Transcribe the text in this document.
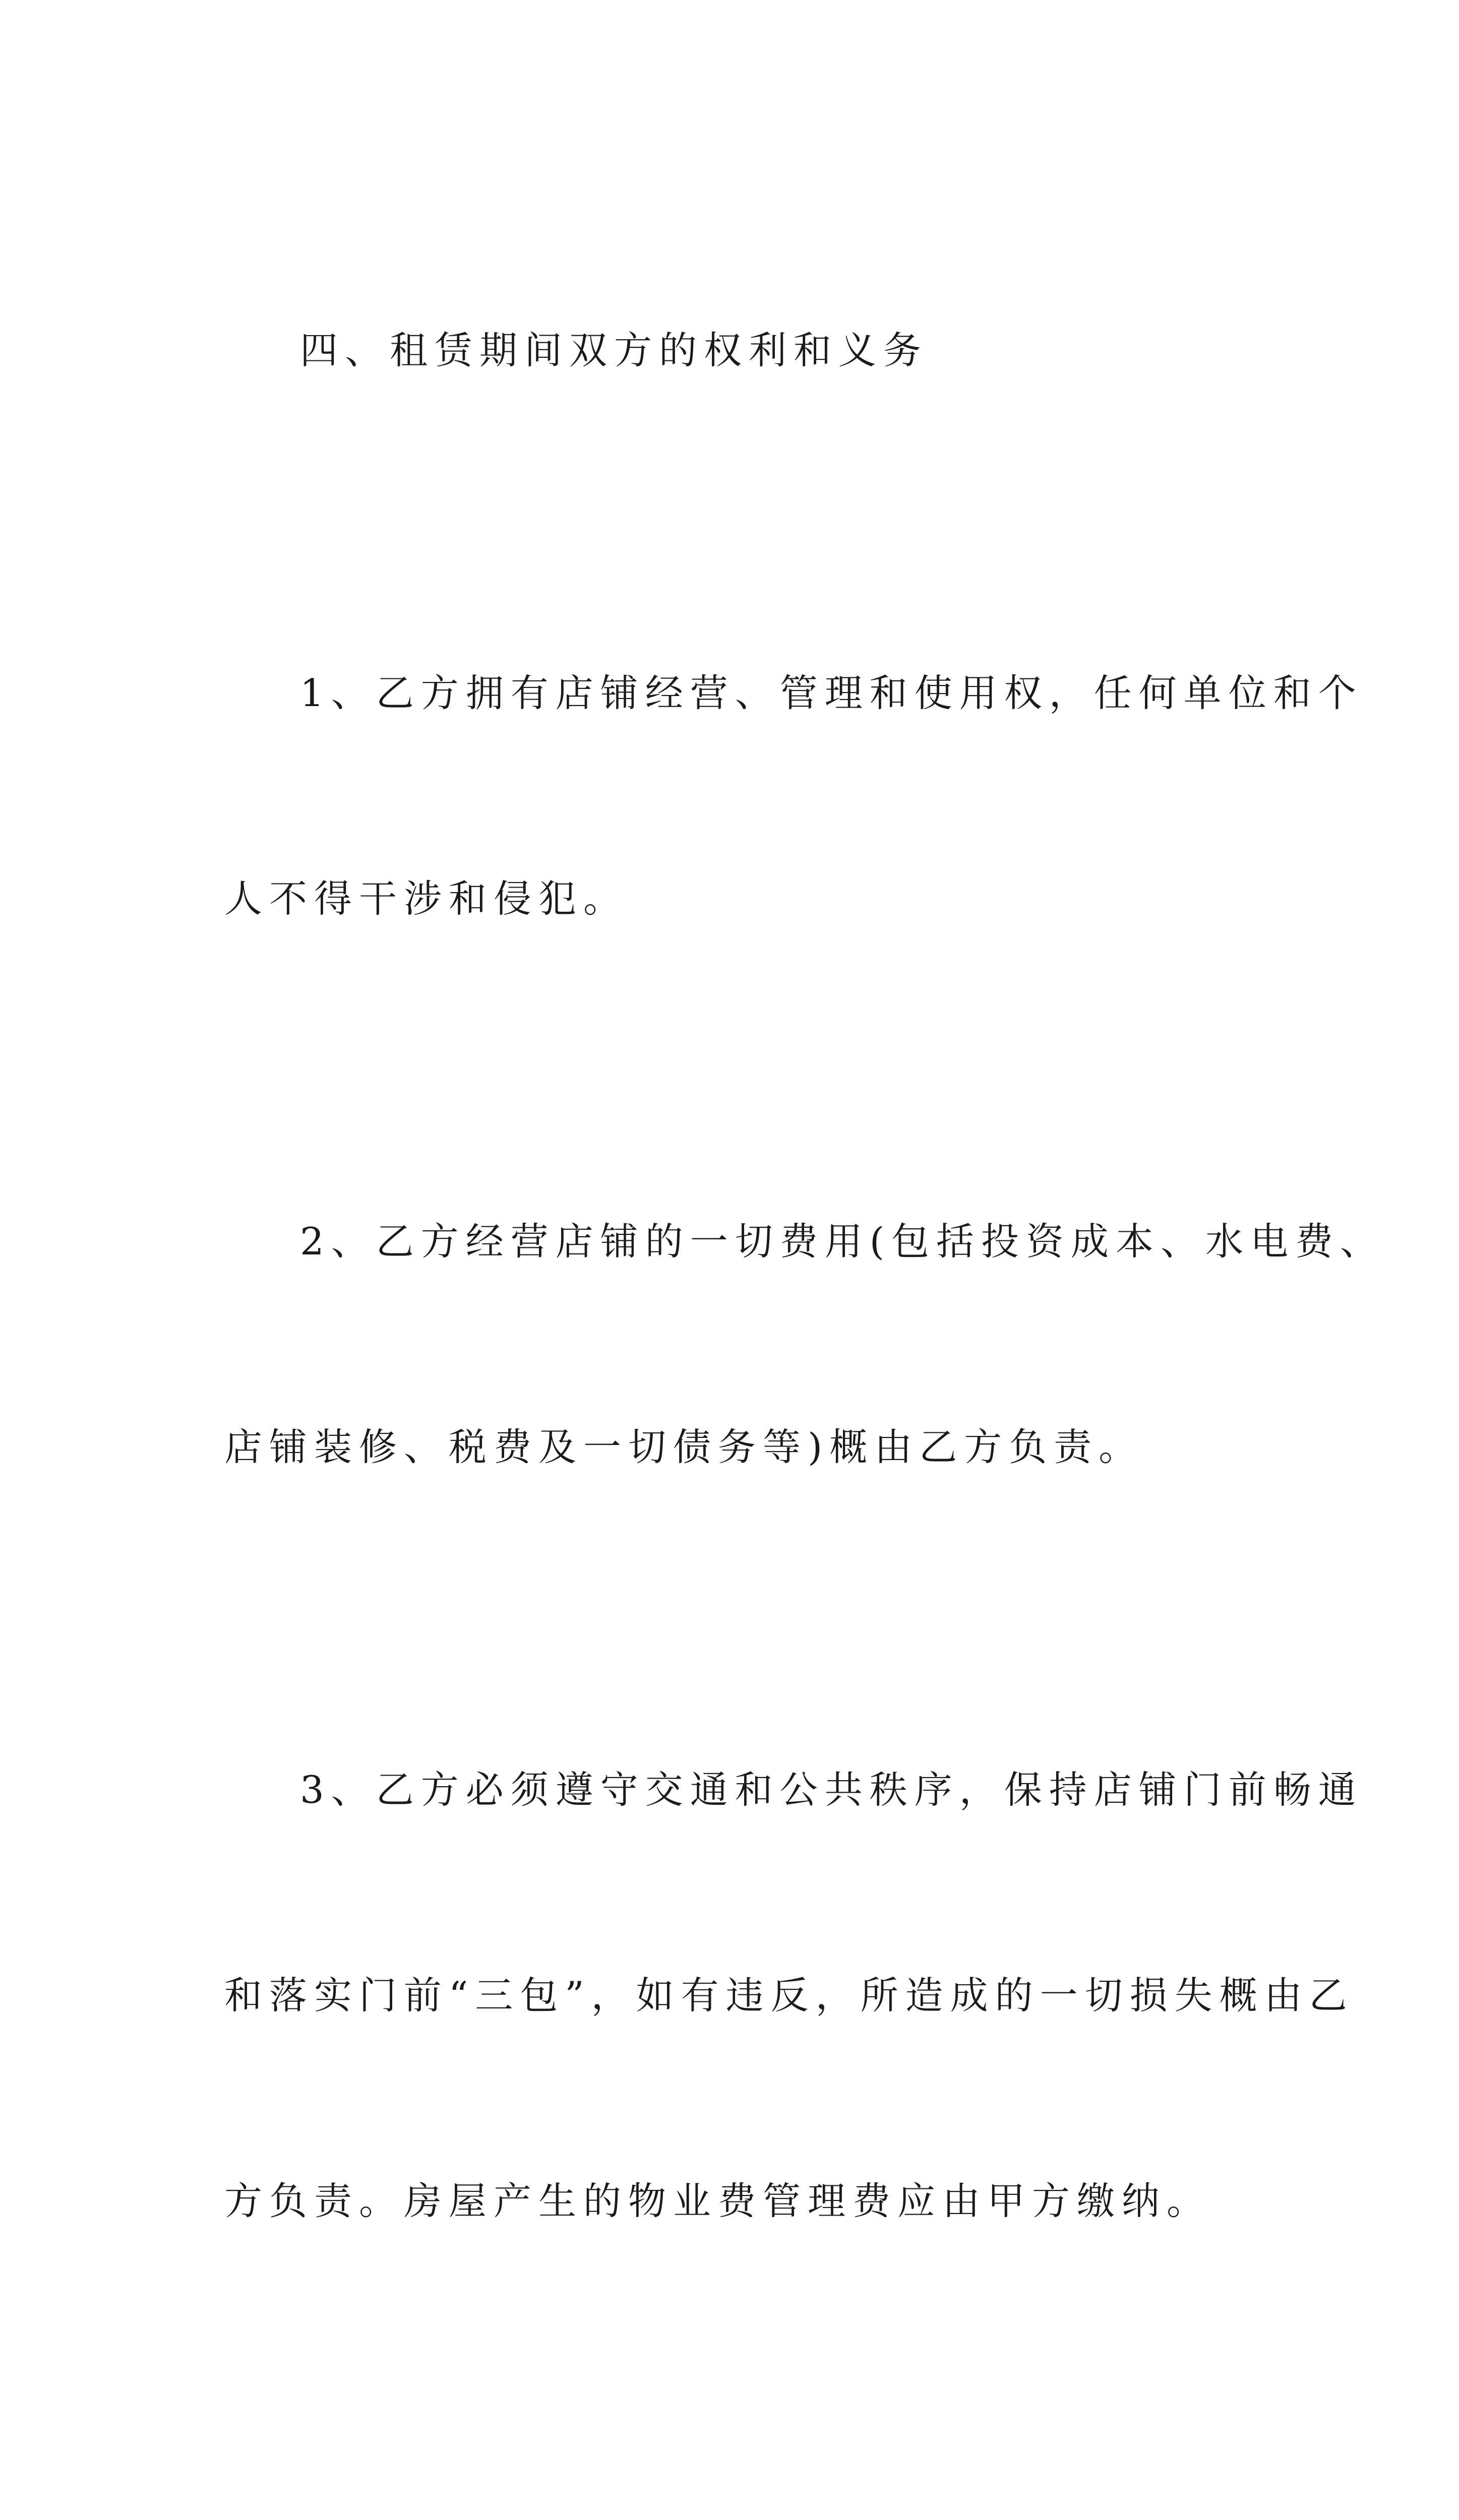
四、租赁期间双方的权利和义务

1、乙方拥有店铺经营、管理和使用权，任何单位和个

人不得干涉和侵犯。

2、乙方经营店铺的一切费用(包括投资成本、水电费、

店铺装修、税费及一切债务等)概由乙方负责。

3、乙方必须遵守交通和公共秩序，保持店铺门前畅通

和落实门前“三包”，如有违反，所造成的一切损失概由乙

方负责。房屋产生的物业费管理费应由甲方缴纳。
